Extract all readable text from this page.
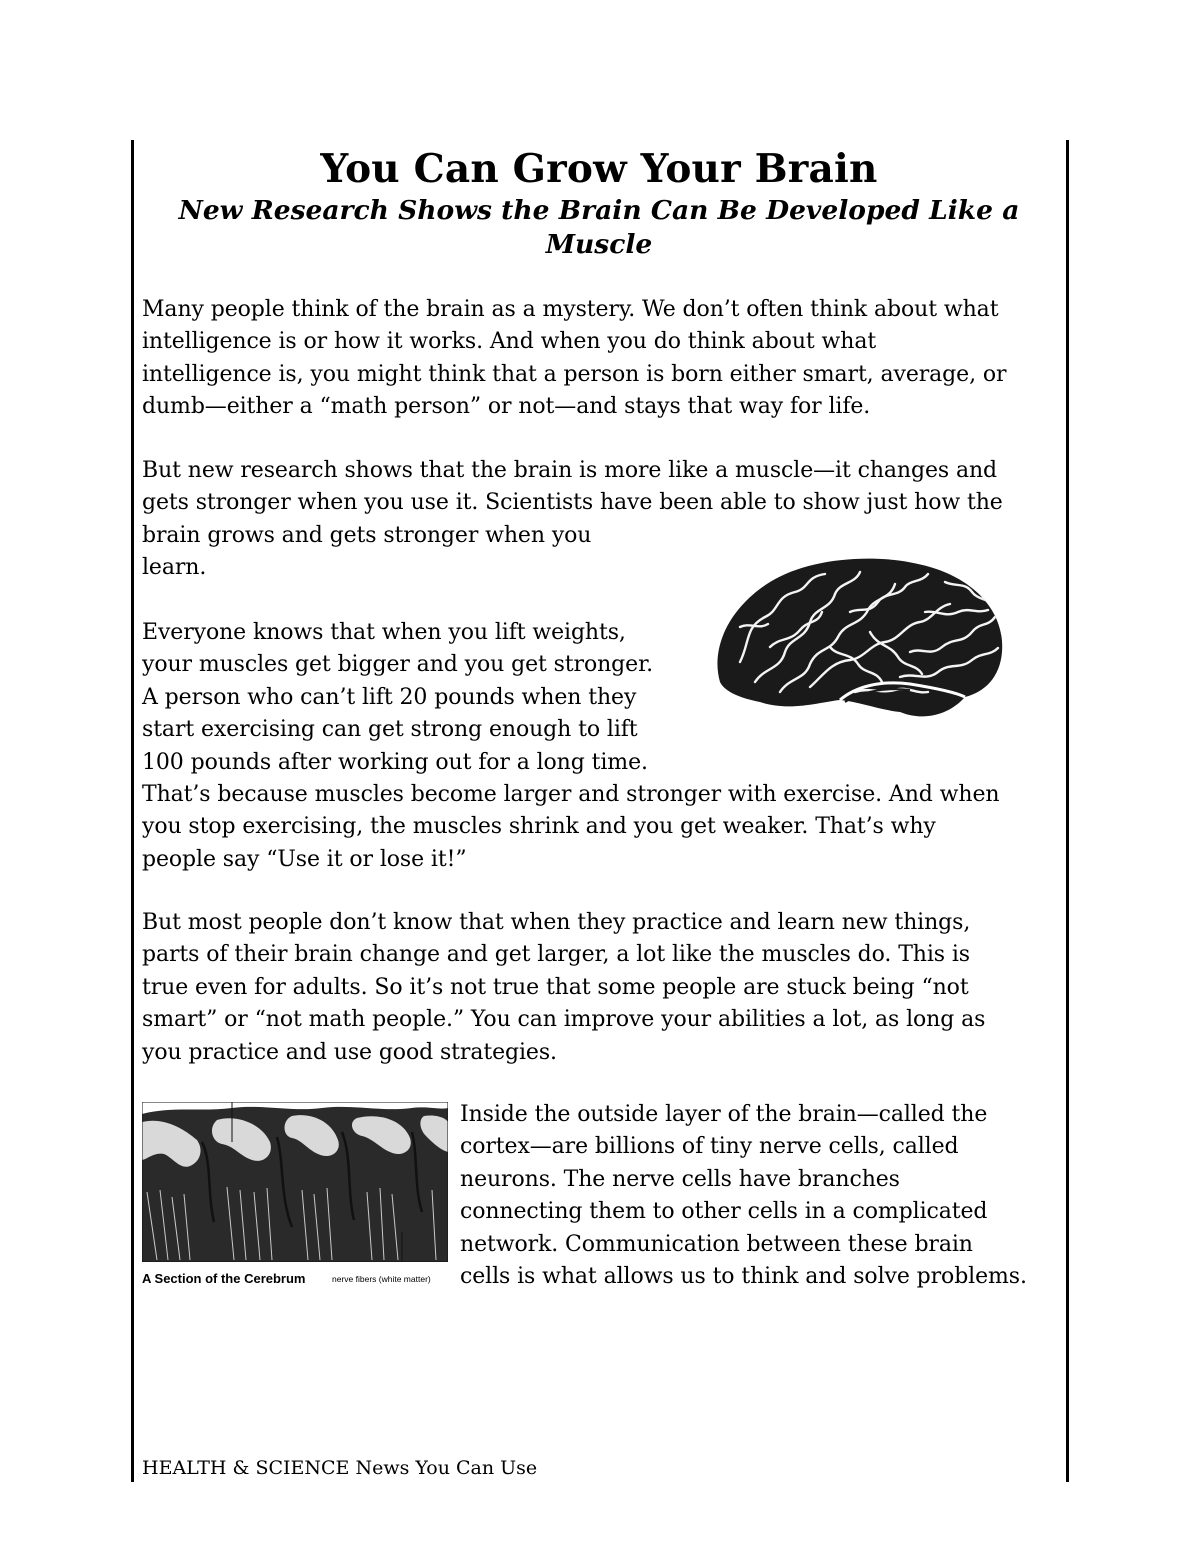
You Can Grow Your Brain
New Research Shows the Brain Can Be Developed Like a Muscle
Many people think of the brain as a mystery. We don’t often think about what
intelligence is or how it works. And when you do think about what
intelligence is, you might think that a person is born either smart, average, or
dumb—either a “math person” or not—and stays that way for life.
But new research shows that the brain is more like a muscle—it changes and
gets stronger when you use it. Scientists have been able to show just how the
brain grows and gets stronger when you
learn.
Everyone knows that when you lift weights,
your muscles get bigger and you get stronger.
A person who can’t lift 20 pounds when they
start exercising can get strong enough to lift
100 pounds after working out for a long time.
That’s because muscles become larger and stronger with exercise. And when
you stop exercising, the muscles shrink and you get weaker. That’s why
people say “Use it or lose it!”
But most people don’t know that when they practice and learn new things,
parts of their brain change and get larger, a lot like the muscles do. This is
true even for adults. So it’s not true that some people are stuck being “not
smart” or “not math people.” You can improve your abilities a lot, as long as
you practice and use good strategies.
Inside the outside layer of the brain—called the
cortex—are billions of tiny nerve cells, called
neurons. The nerve cells have branches
connecting them to other cells in a complicated
network. Communication between these brain
cells is what allows us to think and solve problems.
A Section of the Cerebrum	nerve fibers (white matter)
HEALTH & SCIENCE News You Can Use
